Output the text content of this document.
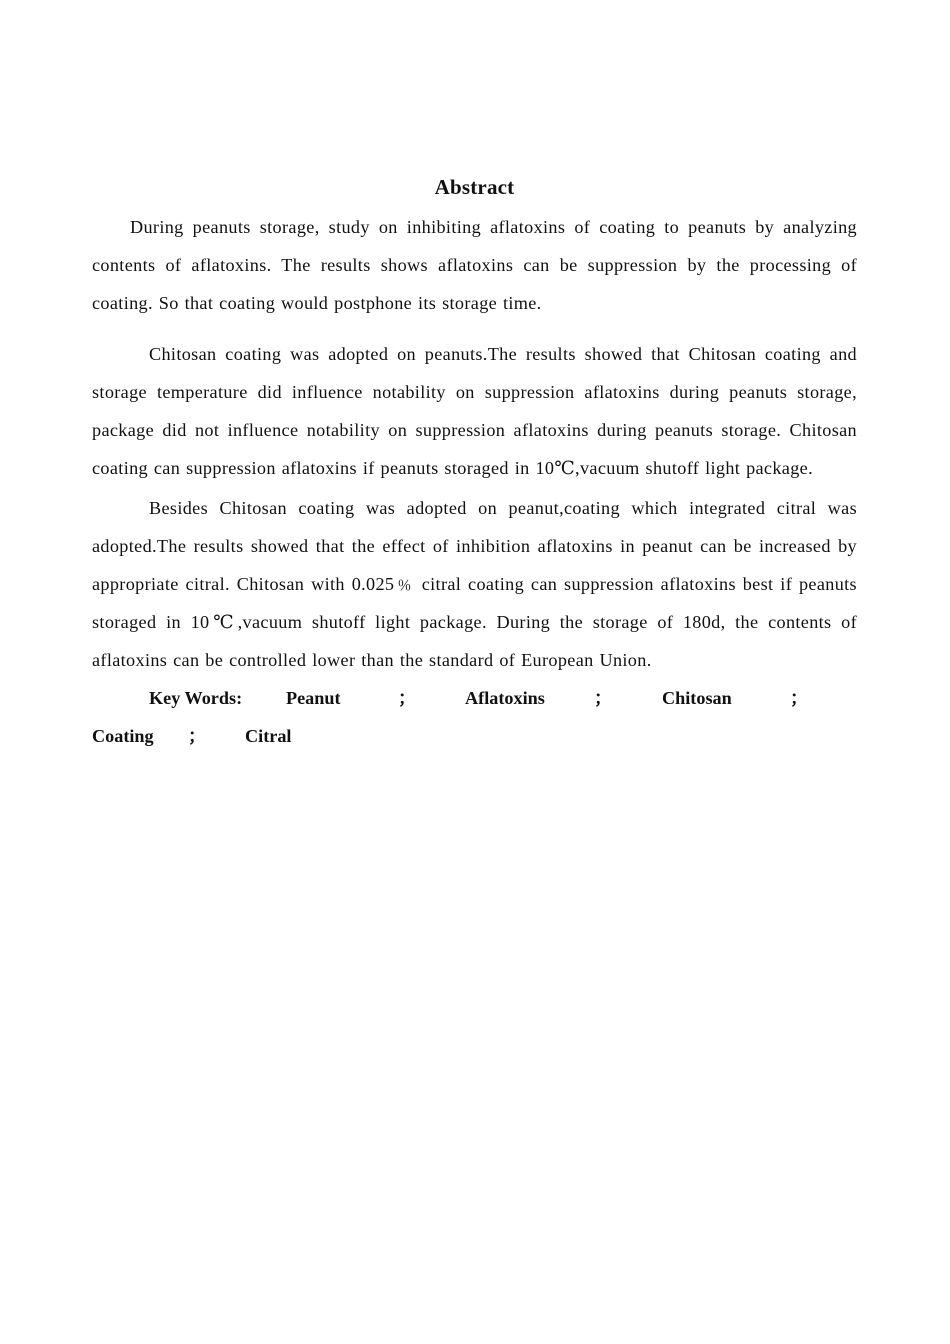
Abstract

During peanuts storage, study on inhibiting aflatoxins of coating to peanuts by analyzing contents of aflatoxins. The results shows aflatoxins can be suppression by the processing of coating. So that coating would postphone its storage time.

Chitosan coating was adopted on peanuts.The results showed that Chitosan coating and storage temperature did influence notability on suppression aflatoxins during peanuts storage, package did not influence notability on suppression aflatoxins during peanuts storage. Chitosan coating can suppression aflatoxins if peanuts storaged in 10℃,vacuum shutoff light package.

Besides Chitosan coating was adopted on peanut,coating which integrated citral was adopted.The results showed that the effect of inhibition aflatoxins in peanut can be increased by appropriate citral. Chitosan with 0.025﹪ citral coating can suppression aflatoxins best if peanuts storaged in 10℃,vacuum shutoff light package. During the storage of 180d, the contents of aflatoxins can be controlled lower than the standard of European Union.

Key Words: Peanut	；	Aflatoxins	；	Chitosan	；
Coating ； Citral
